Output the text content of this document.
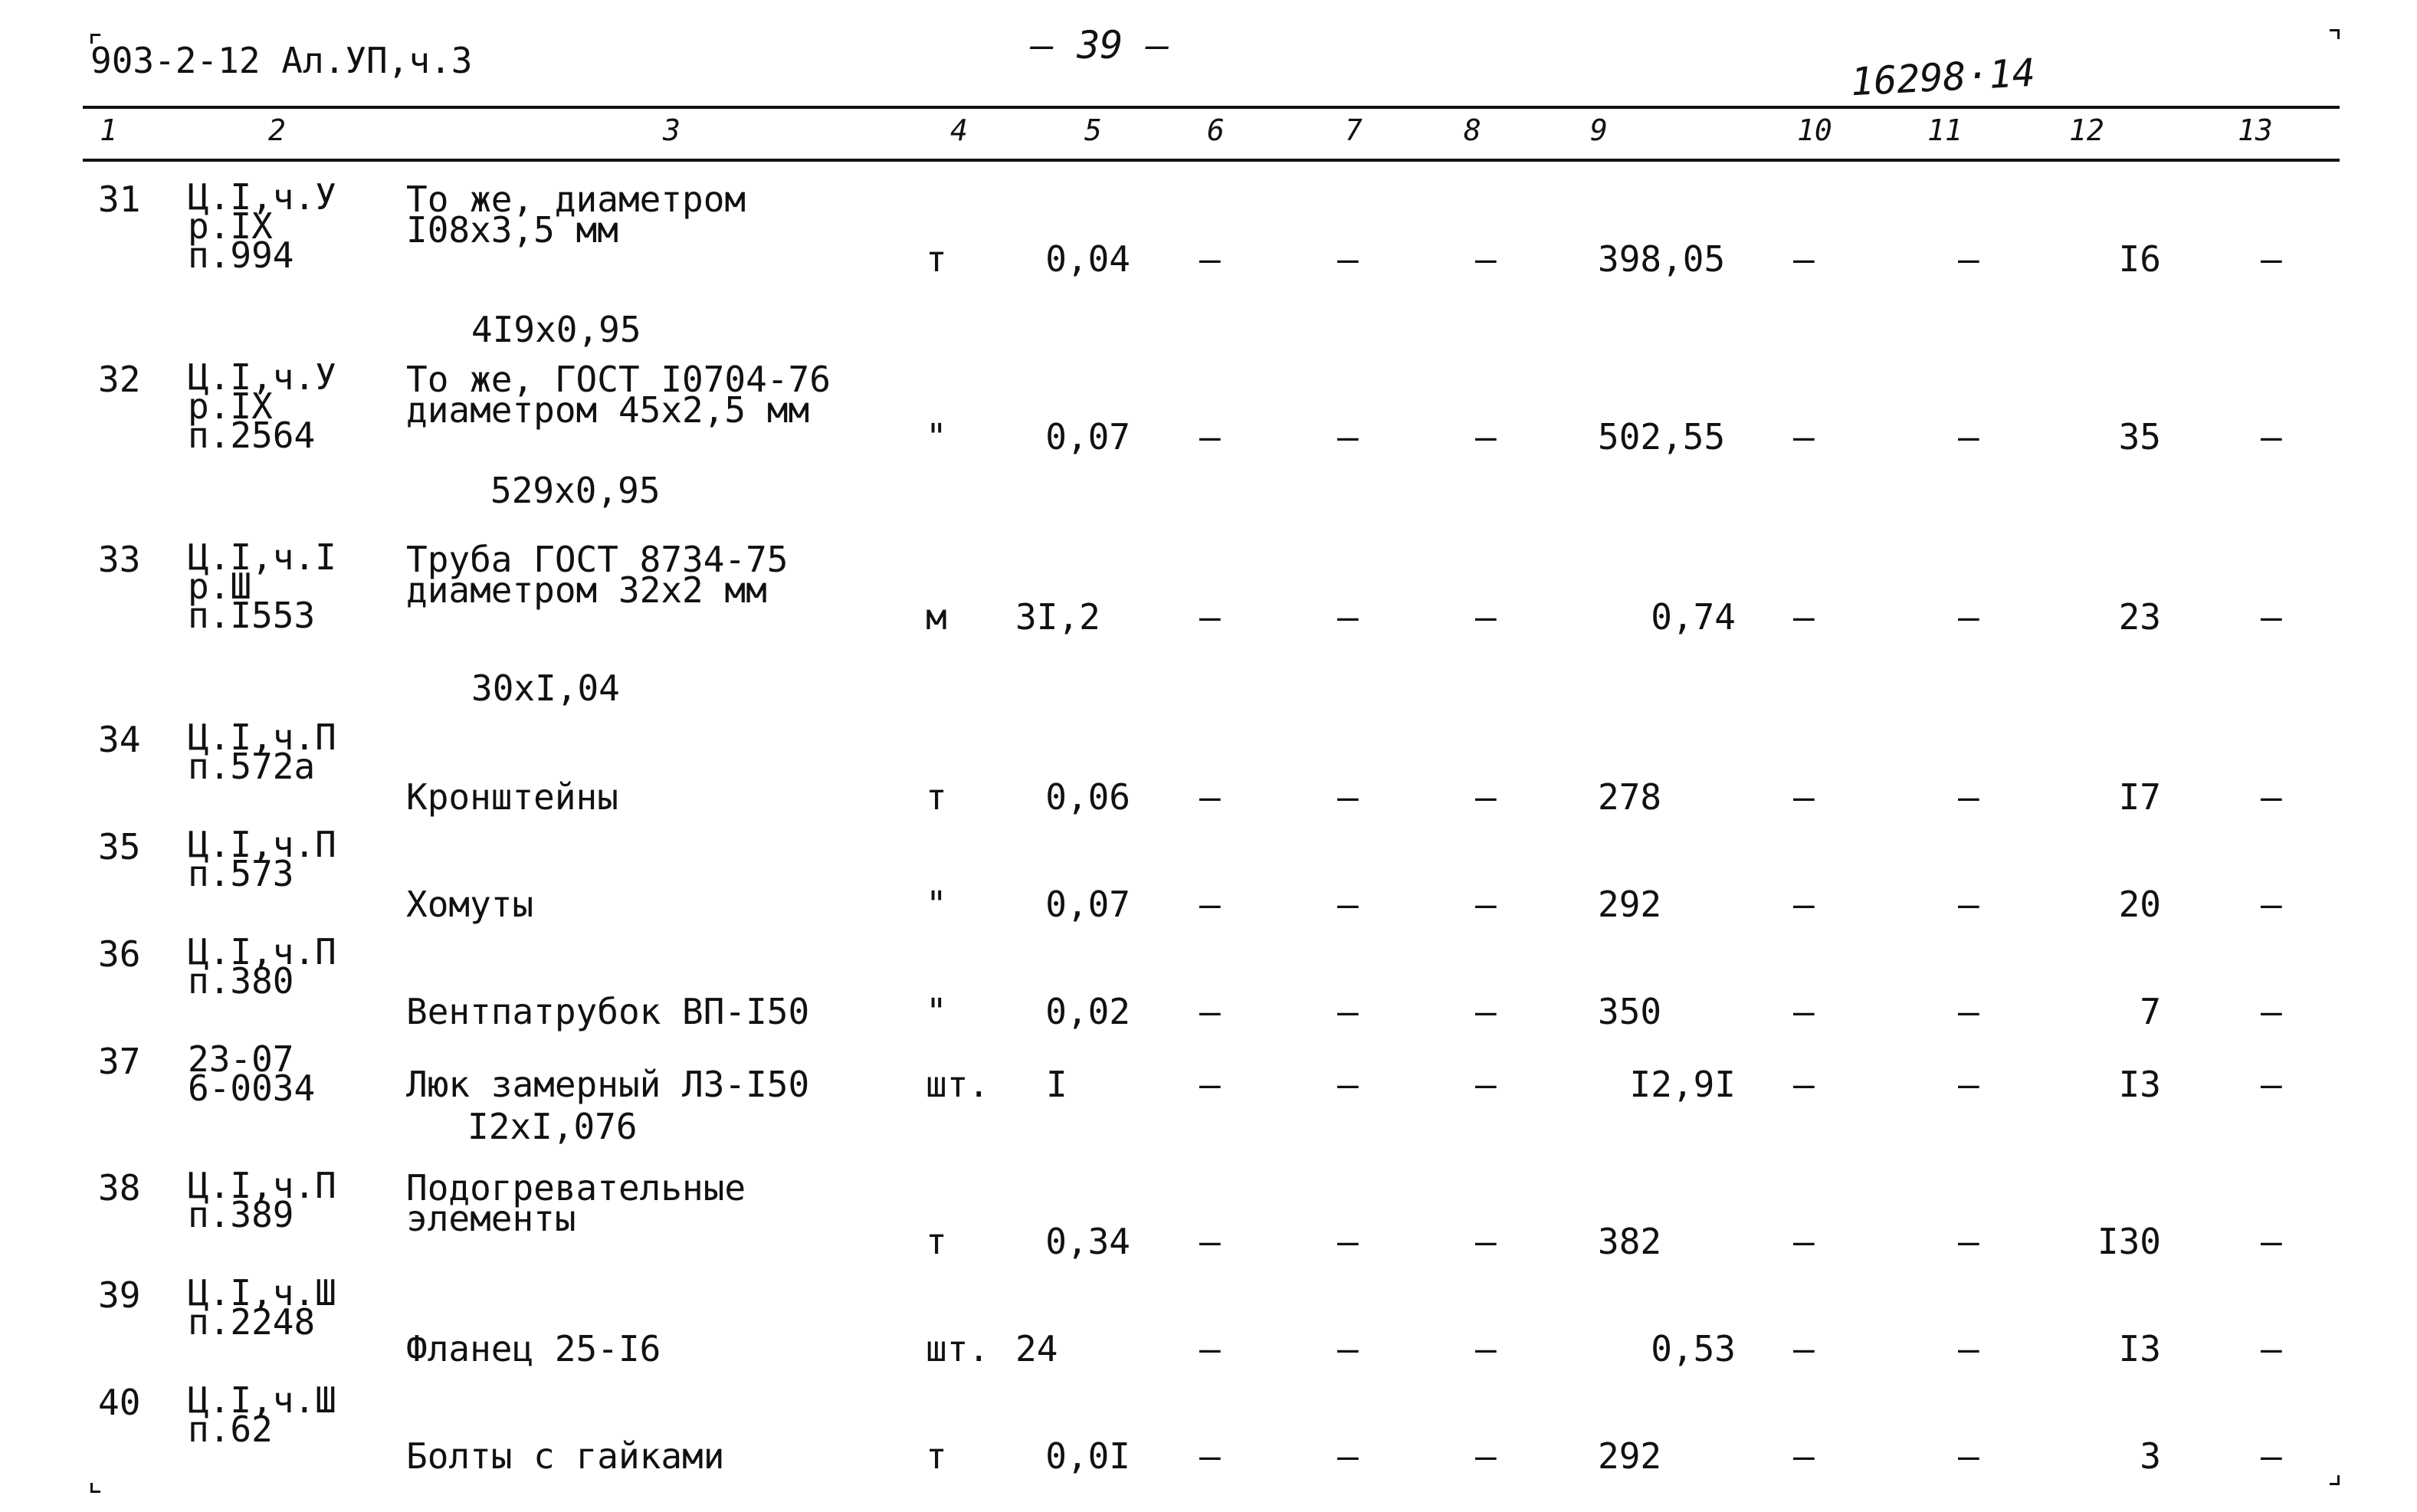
903-2-12 Ал.УП,ч.3	— 39 —
16298·14
1	2	3	4	5	6	7	8	9	10	11	12	13
31 Ц.I,ч.У
р.IX
п.994
То же, диаметром
I08x3,5 мм
4I9x0,95
т	0,04 –	–	–	398,05 –	–	I6	–
32 Ц.I,ч.У
р.IX
п.2564
То же, ГОСТ I0704-76
диаметром 45x2,5 мм
529x0,95
"	0,07 –	–	–	502,55 –	–	35	–
33 Ц.I,ч.I
р.Ш
п.I553
Труба ГОСТ 8734-75
диаметром 32x2 мм
30xI,04
м 3I,2	–	–	–	0,74 –	–	23	–
34 Ц.I,ч.П
п.572а
Кронштейны	т	0,06 –	–	–	278	–	–	I7	–
35 Ц.I,ч.П
п.573
Хомуты	"	0,07 –	–	–	292	–	–	20	–
36 Ц.I,ч.П
п.380
Вентпатрубок ВП-I50	"	0,02 –	–	–	350	–	–	7	–
37 23-07
6-0034	Люк замерный ЛЗ-I50
I2xI,076
шт. I	–	–	–	I2,9I –	–	I3	–
38 Ц.I,ч.П
п.389
Подогревательные
элементы
т	0,34 –	–	–	382	–	–	I30	–
39 Ц.I,ч.Ш
п.2248
Фланец 25-I6	шт. 24	–	–	–	0,53 –	–	I3	–
40 Ц.I,ч.Ш
п.62
Болты с гайками	т	0,0I –	–	–	292	–	–	3	–
